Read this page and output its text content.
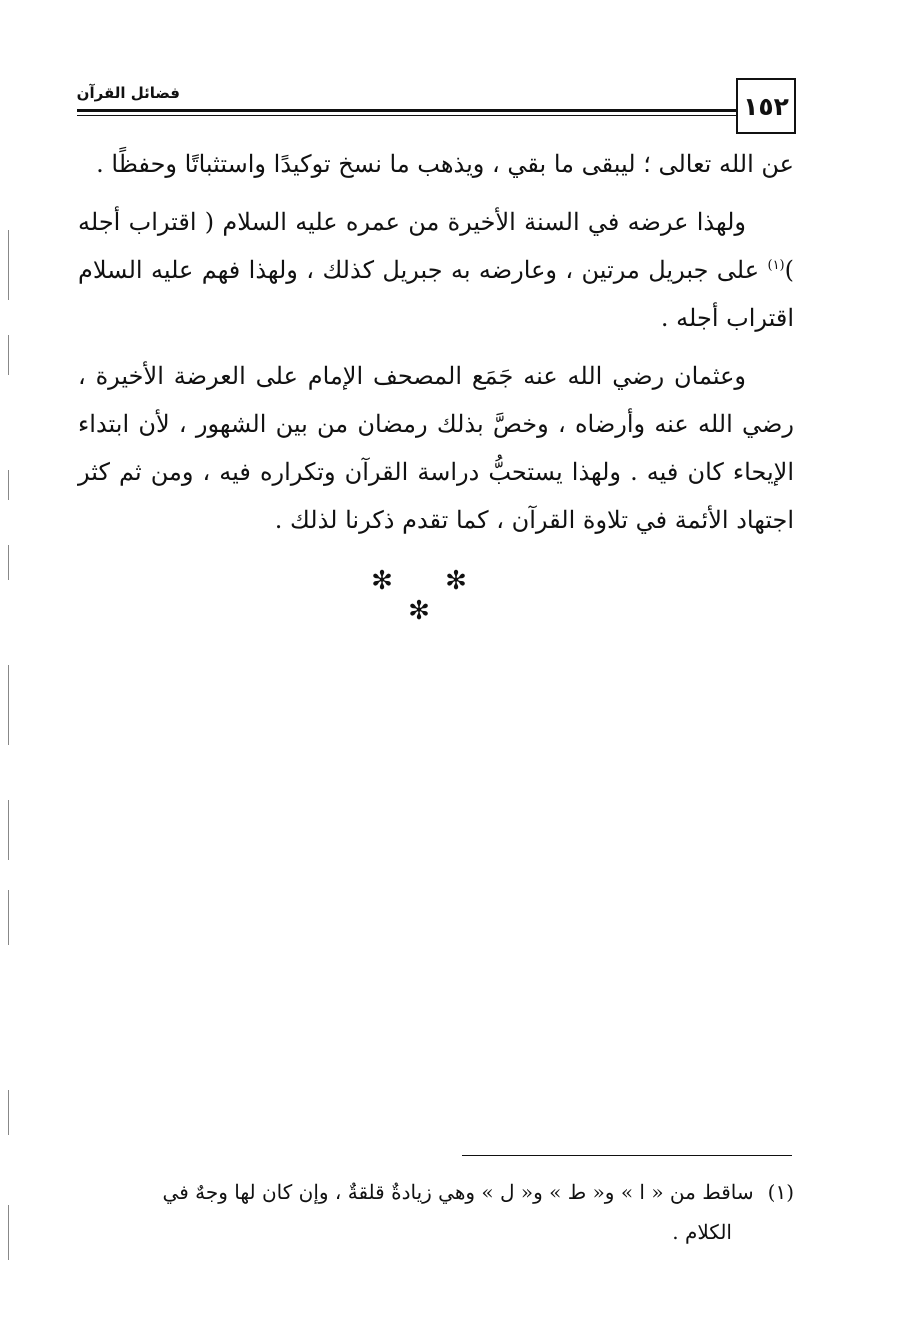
١٥٢
فضائل القرآن

عن الله تعالى ؛ ليبقى ما بقي ، ويذهب ما نسخ توكيدًا واستثباتًا وحفظًا .

ولهذا عرضه في السنة الأخيرة من عمره عليه السلام ( اقتراب أجله )$^{(١)}$ على جبريل مرتين ، وعارضه به جبريل كذلك ، ولهذا فهم عليه السلام اقتراب أجله .

وعثمان رضي الله عنه جَمَع المصحف الإمام على العرضة الأخيرة ، رضي الله عنه وأرضاه ، وخصَّ بذلك رمضان من بين الشهور ، لأن ابتداء الإيحاء كان فيه . ولهذا يستحبُّ دراسة القرآن وتكراره فيه ، ومن ثم كثر اجتهاد الأئمة في تلاوة القرآن ، كما تقدم ذكرنا لذلك .

✻ ✻ ✻
(١)ساقط من « ا » و« ط » و« ل » وهي زيادةٌ قلقةٌ ، وإن كان لها وجهٌ في
الكلام .
